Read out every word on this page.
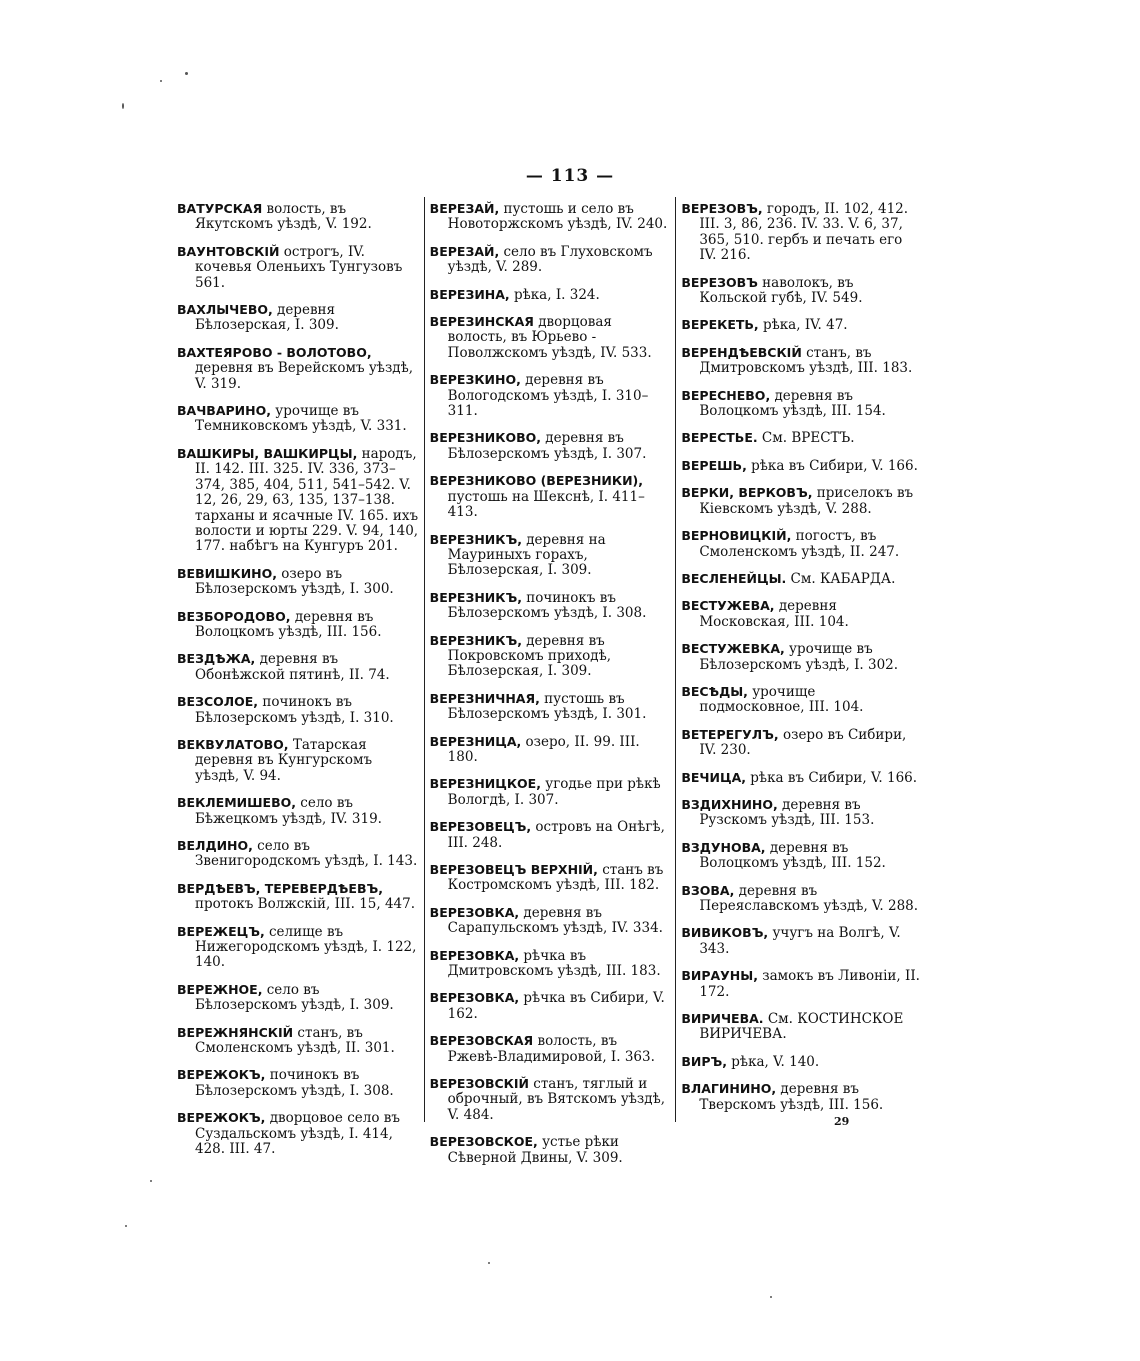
— 113 —
ВАТУРСКАЯ волость, въ Якутскомъ уѣздѣ, V. 192.
ВАУНТОВСКІЙ острогъ, IV. кочевья Оленьихъ Тунгузовъ 561.
ВАХЛЫЧЕВО, деревня Бѣлозерская, I. 309.
ВАХТЕЯРОВО - ВОЛОТОВО, деревня въ Верейскомъ уѣздѣ, V. 319.
ВАЧВАРИНО, урочище въ Темниковскомъ уѣздѣ, V. 331.
ВАШКИРЫ, ВАШКИРЦЫ, народъ, II. 142. III. 325. IV. 336, 373–374, 385, 404, 511, 541–542. V. 12, 26, 29, 63, 135, 137–138. тарханы и ясачные IV. 165. ихъ волости и юрты 229. V. 94, 140, 177. набѣгъ на Кунгуръ 201.
ВЕВИШКИНО, озеро въ Бѣлозерскомъ уѣздѣ, I. 300.
ВЕЗБОРОДОВО, деревня въ Волоцкомъ уѣздѣ, III. 156.
ВЕЗДѢЖА, деревня въ Обонѣжской пятинѣ, II. 74.
ВЕЗСОЛОЕ, починокъ въ Бѣлозерскомъ уѣздѣ, I. 310.
ВЕКВУЛАТОВО, Татарская деревня въ Кунгурскомъ уѣздѣ, V. 94.
ВЕКЛЕМИШЕВО, село въ Бѣжецкомъ уѣздѣ, IV. 319.
ВЕЛДИНО, село въ Звенигородскомъ уѣздѣ, I. 143.
ВЕРДѢЕВЪ, ТЕРЕВЕРДѢЕВЪ, протокъ Волжскій, III. 15, 447.
ВЕРЕЖЕЦЪ, селище въ Нижегородскомъ уѣздѣ, I. 122, 140.
ВЕРЕЖНОЕ, село въ Бѣлозерскомъ уѣздѣ, I. 309.
ВЕРЕЖНЯНСКІЙ станъ, въ Смоленскомъ уѣздѣ, II. 301.
ВЕРЕЖОКЪ, починокъ въ Бѣлозерскомъ уѣздѣ, I. 308.
ВЕРЕЖОКЪ, дворцовое село въ Суздальскомъ уѣздѣ, I. 414, 428. III. 47.
ВЕРЕЗАЙ, пустошь и село въ Новоторжскомъ уѣздѣ, IV. 240.
ВЕРЕЗАЙ, село въ Глуховскомъ уѣздѣ, V. 289.
ВЕРЕЗИНА, рѣка, I. 324.
ВЕРЕЗИНСКАЯ дворцовая волость, въ Юрьево - Поволжскомъ уѣздѣ, IV. 533.
ВЕРЕЗКИНО, деревня въ Вологодскомъ уѣздѣ, I. 310–311.
ВЕРЕЗНИКОВО, деревня въ Бѣлозерскомъ уѣздѣ, I. 307.
ВЕРЕЗНИКОВО (ВЕРЕЗНИКИ), пустошь на Шекснѣ, I. 411–413.
ВЕРЕЗНИКЪ, деревня на Мауриныхъ горахъ, Бѣлозерская, I. 309.
ВЕРЕЗНИКЪ, починокъ въ Бѣлозерскомъ уѣздѣ, I. 308.
ВЕРЕЗНИКЪ, деревня въ Покровскомъ приходѣ, Бѣлозерская, I. 309.
ВЕРЕЗНИЧНАЯ, пустошь въ Бѣлозерскомъ уѣздѣ, I. 301.
ВЕРЕЗНИЦА, озеро, II. 99. III. 180.
ВЕРЕЗНИЦКОЕ, угодье при рѣкѣ Вологдѣ, I. 307.
ВЕРЕЗОВЕЦЪ, островъ на Онѣгѣ, III. 248.
ВЕРЕЗОВЕЦЪ ВЕРХНІЙ, станъ въ Костромскомъ уѣздѣ, III. 182.
ВЕРЕЗОВКА, деревня въ Сарапульскомъ уѣздѣ, IV. 334.
ВЕРЕЗОВКА, рѣчка въ Дмитровскомъ уѣздѣ, III. 183.
ВЕРЕЗОВКА, рѣчка въ Сибири, V. 162.
ВЕРЕЗОВСКАЯ волость, въ Ржевѣ-Владимировой, I. 363.
ВЕРЕЗОВСКІЙ станъ, тяглый и оброчный, въ Вятскомъ уѣздѣ, V. 484.
ВЕРЕЗОВСКОЕ, устье рѣки Сѣверной Двины, V. 309.
ВЕРЕЗОВЪ, городъ, II. 102, 412. III. 3, 86, 236. IV. 33. V. 6, 37, 365, 510. гербъ и печать его IV. 216.
ВЕРЕЗОВЪ наволокъ, въ Кольской губѣ, IV. 549.
ВЕРЕКЕТЬ, рѣка, IV. 47.
ВЕРЕНДѢЕВСКІЙ станъ, въ Дмитровскомъ уѣздѣ, III. 183.
ВЕРЕСНЕВО, деревня въ Волоцкомъ уѣздѣ, III. 154.
ВЕРЕСТЬЕ. См. ВРЕСТЪ.
ВЕРЕШЬ, рѣка въ Сибири, V. 166.
ВЕРКИ, ВЕРКОВЪ, приселокъ въ Кіевскомъ уѣздѣ, V. 288.
ВЕРНОВИЦКІЙ, погостъ, въ Смоленскомъ уѣздѣ, II. 247.
ВЕСЛЕНЕЙЦЫ. См. КАБАРДА.
ВЕСТУЖЕВА, деревня Московская, III. 104.
ВЕСТУЖЕВКА, урочище въ Бѣлозерскомъ уѣздѣ, I. 302.
ВЕСѢДЫ, урочище подмосковное, III. 104.
ВЕТЕРЕГУЛЪ, озеро въ Сибири, IV. 230.
ВЕЧИЦА, рѣка въ Сибири, V. 166.
ВЗДИХНИНО, деревня въ Рузскомъ уѣздѣ, III. 153.
ВЗДУНОВА, деревня въ Волоцкомъ уѣздѣ, III. 152.
ВЗОВА, деревня въ Переяславскомъ уѣздѣ, V. 288.
ВИВИКОВЪ, учугъ на Волгѣ, V. 343.
ВИРАУНЫ, замокъ въ Ливоніи, II. 172.
ВИРИЧЕВА. См. КОСТИНСКОЕ ВИРИЧЕВА.
ВИРЪ, рѣка, V. 140.
ВЛАГИНИНО, деревня въ Тверскомъ уѣздѣ, III. 156.
29
